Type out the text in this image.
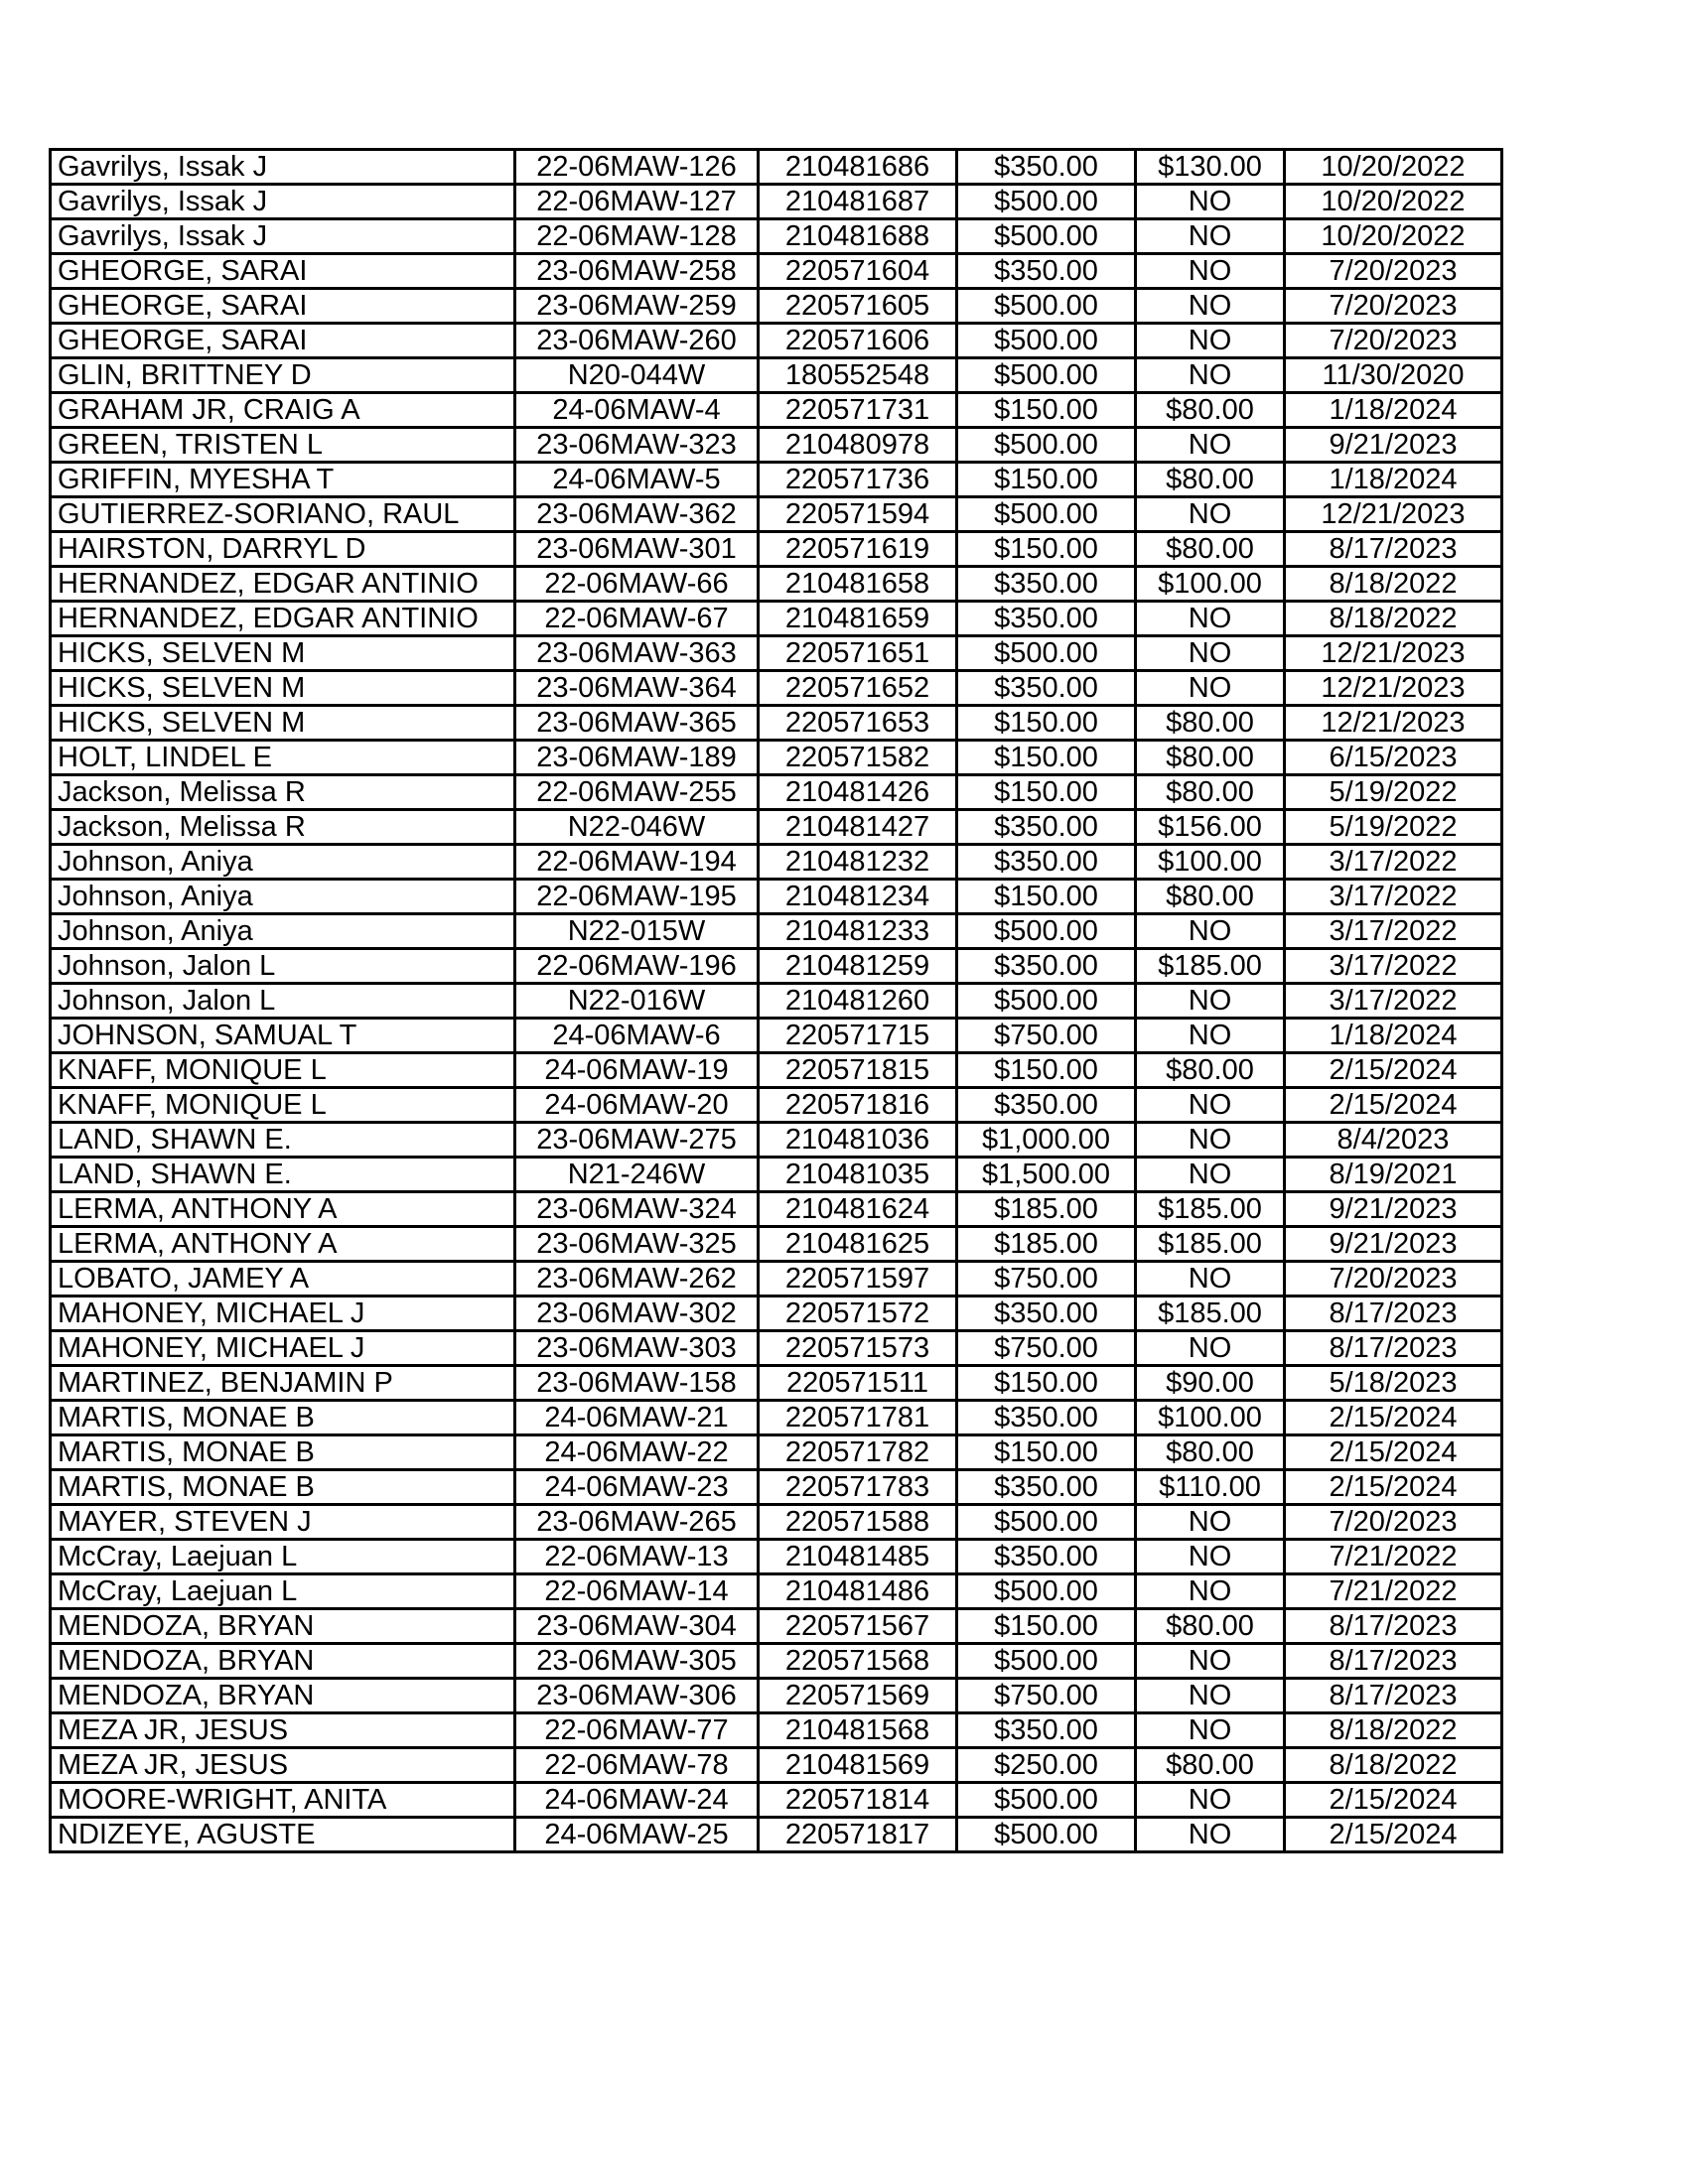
Gavrilys, Issak J	22-06MAW-126	210481686	$350.00	$130.00	10/20/2022
Gavrilys, Issak J	22-06MAW-127	210481687	$500.00	NO	10/20/2022
Gavrilys, Issak J	22-06MAW-128	210481688	$500.00	NO	10/20/2022
GHEORGE, SARAI	23-06MAW-258	220571604	$350.00	NO	7/20/2023
GHEORGE, SARAI	23-06MAW-259	220571605	$500.00	NO	7/20/2023
GHEORGE, SARAI	23-06MAW-260	220571606	$500.00	NO	7/20/2023
GLIN, BRITTNEY D	N20-044W	180552548	$500.00	NO	11/30/2020
GRAHAM JR, CRAIG A	24-06MAW-4	220571731	$150.00	$80.00	1/18/2024
GREEN, TRISTEN L	23-06MAW-323	210480978	$500.00	NO	9/21/2023
GRIFFIN, MYESHA T	24-06MAW-5	220571736	$150.00	$80.00	1/18/2024
GUTIERREZ-SORIANO, RAUL	23-06MAW-362	220571594	$500.00	NO	12/21/2023
HAIRSTON, DARRYL D	23-06MAW-301	220571619	$150.00	$80.00	8/17/2023
HERNANDEZ, EDGAR ANTINIO	22-06MAW-66	210481658	$350.00	$100.00	8/18/2022
HERNANDEZ, EDGAR ANTINIO	22-06MAW-67	210481659	$350.00	NO	8/18/2022
HICKS, SELVEN M	23-06MAW-363	220571651	$500.00	NO	12/21/2023
HICKS, SELVEN M	23-06MAW-364	220571652	$350.00	NO	12/21/2023
HICKS, SELVEN M	23-06MAW-365	220571653	$150.00	$80.00	12/21/2023
HOLT, LINDEL E	23-06MAW-189	220571582	$150.00	$80.00	6/15/2023
Jackson, Melissa R	22-06MAW-255	210481426	$150.00	$80.00	5/19/2022
Jackson, Melissa R	N22-046W	210481427	$350.00	$156.00	5/19/2022
Johnson, Aniya	22-06MAW-194	210481232	$350.00	$100.00	3/17/2022
Johnson, Aniya	22-06MAW-195	210481234	$150.00	$80.00	3/17/2022
Johnson, Aniya	N22-015W	210481233	$500.00	NO	3/17/2022
Johnson, Jalon L	22-06MAW-196	210481259	$350.00	$185.00	3/17/2022
Johnson, Jalon L	N22-016W	210481260	$500.00	NO	3/17/2022
JOHNSON, SAMUAL T	24-06MAW-6	220571715	$750.00	NO	1/18/2024
KNAFF, MONIQUE L	24-06MAW-19	220571815	$150.00	$80.00	2/15/2024
KNAFF, MONIQUE L	24-06MAW-20	220571816	$350.00	NO	2/15/2024
LAND, SHAWN E.	23-06MAW-275	210481036	$1,000.00	NO	8/4/2023
LAND, SHAWN E.	N21-246W	210481035	$1,500.00	NO	8/19/2021
LERMA, ANTHONY A	23-06MAW-324	210481624	$185.00	$185.00	9/21/2023
LERMA, ANTHONY A	23-06MAW-325	210481625	$185.00	$185.00	9/21/2023
LOBATO, JAMEY A	23-06MAW-262	220571597	$750.00	NO	7/20/2023
MAHONEY, MICHAEL J	23-06MAW-302	220571572	$350.00	$185.00	8/17/2023
MAHONEY, MICHAEL J	23-06MAW-303	220571573	$750.00	NO	8/17/2023
MARTINEZ, BENJAMIN P	23-06MAW-158	220571511	$150.00	$90.00	5/18/2023
MARTIS, MONAE B	24-06MAW-21	220571781	$350.00	$100.00	2/15/2024
MARTIS, MONAE B	24-06MAW-22	220571782	$150.00	$80.00	2/15/2024
MARTIS, MONAE B	24-06MAW-23	220571783	$350.00	$110.00	2/15/2024
MAYER, STEVEN J	23-06MAW-265	220571588	$500.00	NO	7/20/2023
McCray, Laejuan L	22-06MAW-13	210481485	$350.00	NO	7/21/2022
McCray, Laejuan L	22-06MAW-14	210481486	$500.00	NO	7/21/2022
MENDOZA, BRYAN	23-06MAW-304	220571567	$150.00	$80.00	8/17/2023
MENDOZA, BRYAN	23-06MAW-305	220571568	$500.00	NO	8/17/2023
MENDOZA, BRYAN	23-06MAW-306	220571569	$750.00	NO	8/17/2023
MEZA JR, JESUS	22-06MAW-77	210481568	$350.00	NO	8/18/2022
MEZA JR, JESUS	22-06MAW-78	210481569	$250.00	$80.00	8/18/2022
MOORE-WRIGHT, ANITA	24-06MAW-24	220571814	$500.00	NO	2/15/2024
NDIZEYE, AGUSTE	24-06MAW-25	220571817	$500.00	NO	2/15/2024
